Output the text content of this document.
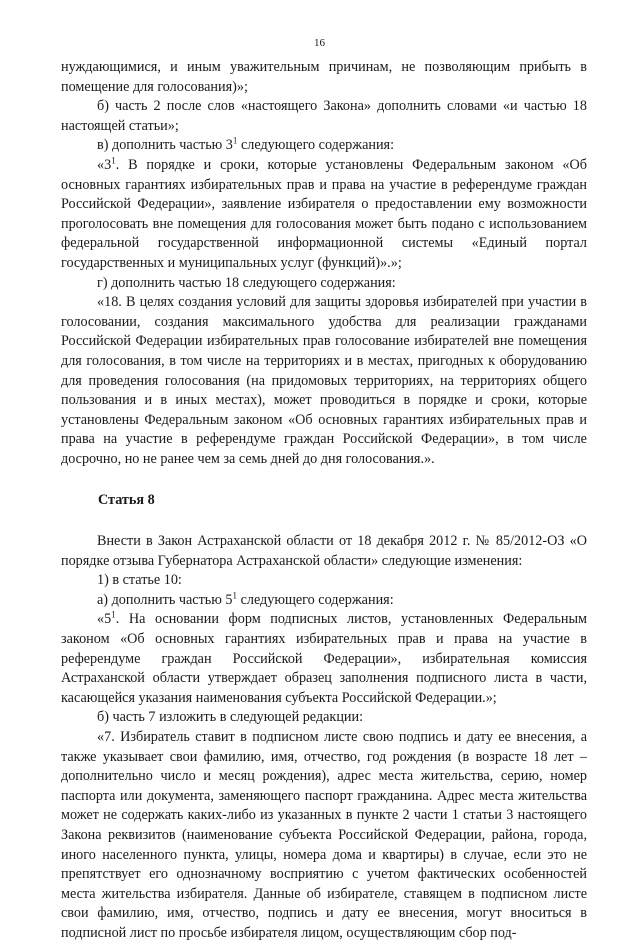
16

нуждающимися, и иным уважительным причинам, не позволяющим прибыть в помещение для голосования)»;

б) часть 2 после слов «настоящего Закона» дополнить словами «и частью 18 настоящей статьи»;

в) дополнить частью $3^1$ следующего содержания:

«$3^1$. В порядке и сроки, которые установлены Федеральным законом «Об основных гарантиях избирательных прав и права на участие в референдуме граждан Российской Федерации», заявление избирателя о предоставлении ему возможности проголосовать вне помещения для голосования может быть подано с использованием федеральной государственной информационной системы «Единый портал государственных и муниципальных услуг (функций)».»;

г) дополнить частью 18 следующего содержания:

«18. В целях создания условий для защиты здоровья избирателей при участии в голосовании, создания максимального удобства для реализации гражданами Российской Федерации избирательных прав голосование избирателей вне помещения для голосования, в том числе на территориях и в местах, пригодных к оборудованию для проведения голосования (на придомовых территориях, на территориях общего пользования и в иных местах), может проводиться в порядке и сроки, которые установлены Федеральным законом «Об основных гарантиях избирательных прав и права на участие в референдуме граждан Российской Федерации», в том числе досрочно, но не ранее чем за семь дней до дня голосования.».

Статья 8

Внести в Закон Астраханской области от 18 декабря 2012 г. № 85/2012-ОЗ «О порядке отзыва Губернатора Астраханской области» следующие изменения:

1) в статье 10:

а) дополнить частью $5^1$ следующего содержания:

«$5^1$. На основании форм подписных листов, установленных Федеральным законом «Об основных гарантиях избирательных прав и права на участие в референдуме граждан Российской Федерации», избирательная комиссия Астраханской области утверждает образец заполнения подписного листа в части, касающейся указания наименования субъекта Российской Федерации.»;

б) часть 7 изложить в следующей редакции:

«7. Избиратель ставит в подписном листе свою подпись и дату ее внесения, а также указывает свои фамилию, имя, отчество, год рождения (в возрасте 18 лет – дополнительно число и месяц рождения), адрес места жительства, серию, номер паспорта или документа, заменяющего паспорт гражданина. Адрес места жительства может не содержать каких-либо из указанных в пункте 2 части 1 статьи 3 настоящего Закона реквизитов (наименование субъекта Российской Федерации, района, города, иного населенного пункта, улицы, номера дома и квартиры) в случае, если это не препятствует его однозначному восприятию с учетом фактических особенностей места жительства избирателя. Данные об избирателе, ставящем в подписном листе свои фамилию, имя, отчество, подпись и дату ее внесения, могут вноситься в подписной лист по просьбе избирателя лицом, осуществляющим сбор под-
